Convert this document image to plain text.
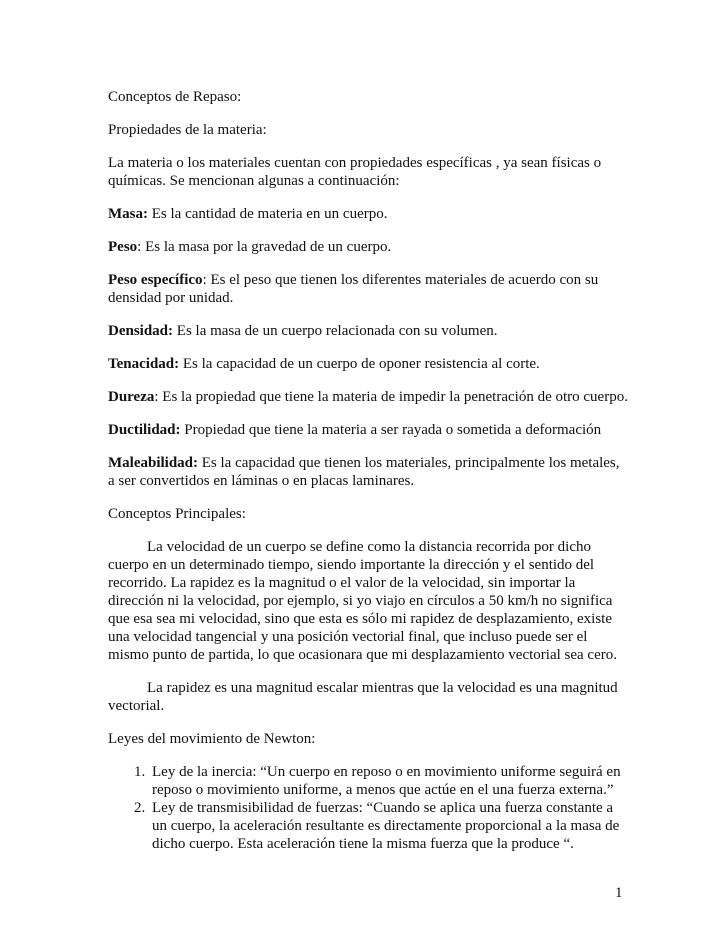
Conceptos de Repaso:

Propiedades de la materia:

La materia o los materiales cuentan con propiedades específicas , ya sean físicas o químicas. Se mencionan algunas a continuación:

Masa: Es la cantidad de materia en un cuerpo.

Peso: Es la masa por la gravedad de un cuerpo.

Peso específico: Es el peso que tienen los diferentes materiales de acuerdo con su densidad por unidad.

Densidad: Es la masa de un cuerpo relacionada con su volumen.

Tenacidad: Es la capacidad de un cuerpo de oponer resistencia al corte.

Dureza: Es la propiedad que tiene la materia de impedir la penetración de otro cuerpo.

Ductilidad: Propiedad que tiene la materia a ser rayada o sometida a deformación

Maleabilidad: Es la capacidad que tienen los materiales, principalmente los metales, a ser convertidos en láminas o en placas laminares.

Conceptos Principales:

La velocidad de un cuerpo se define como la distancia recorrida por dicho cuerpo en un determinado tiempo, siendo importante la dirección y el sentido del recorrido. La rapidez es la magnitud o el valor de la velocidad, sin importar la dirección ni la velocidad, por ejemplo, si yo viajo en círculos a 50 km/h no significa que esa sea mi velocidad, sino que esta es sólo mi rapidez de desplazamiento, existe una velocidad tangencial y una posición vectorial final, que incluso puede ser el mismo punto de partida, lo que ocasionara que mi desplazamiento vectorial sea cero.

La rapidez es una magnitud escalar mientras que la velocidad es una magnitud vectorial.

Leyes del movimiento de Newton:

1. Ley de la inercia: “Un cuerpo en reposo o en movimiento uniforme seguirá en reposo o movimiento uniforme, a menos que actúe en el una fuerza externa.”
2. Ley de transmisibilidad de fuerzas: “Cuando se aplica una fuerza constante a un cuerpo, la aceleración resultante es directamente proporcional a la masa de dicho cuerpo. Esta aceleración tiene la misma fuerza que la produce “.
1
